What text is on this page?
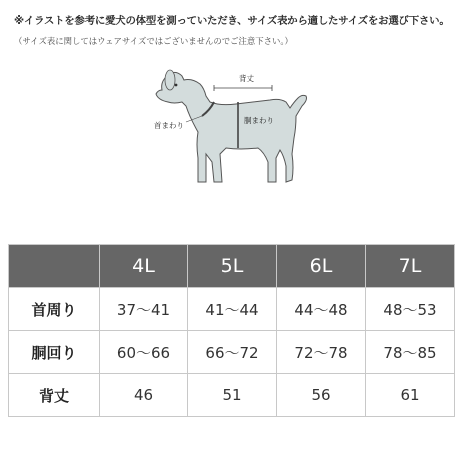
※イラストを参考に愛犬の体型を測っていただき、サイズ表から適したサイズをお選び下さい。
（サイズ表に関してはウェアサイズではございませんのでご注意下さい。）
背丈
首まわり
胴まわり
	4L	5L	6L	7L
首周り	37〜41	41〜44	44〜48	48〜53
胴回り	60〜66	66〜72	72〜78	78〜85
背丈	46	51	56	61
